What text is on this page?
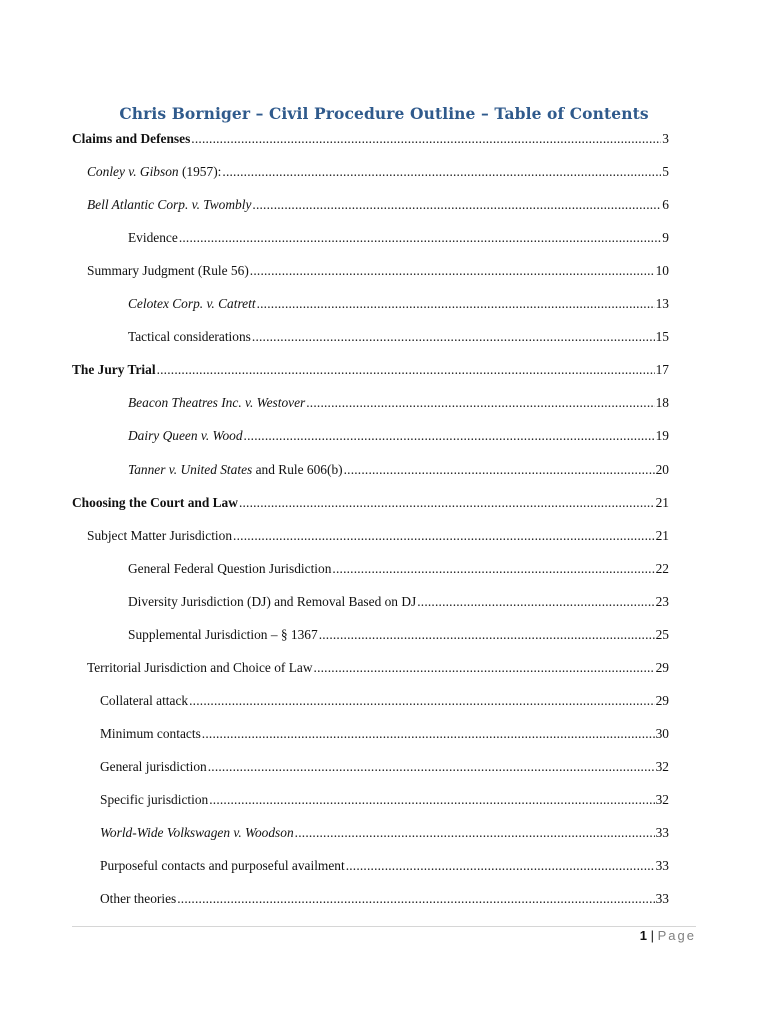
Chris Borniger – Civil Procedure Outline – Table of Contents
Claims and Defenses .....	3
Conley v. Gibson (1957): .....	5
Bell Atlantic Corp. v. Twombly .....	6
Evidence .....	9
Summary Judgment (Rule 56) .....	10
Celotex Corp. v. Catrett .....	13
Tactical considerations .....	15
The Jury Trial .....	17
Beacon Theatres Inc. v. Westover .....	18
Dairy Queen v. Wood .....	19
Tanner v. United States and Rule 606(b) .....	20
Choosing the Court and Law .....	21
Subject Matter Jurisdiction .....	21
General Federal Question Jurisdiction .....	22
Diversity Jurisdiction (DJ) and Removal Based on DJ .....	23
Supplemental Jurisdiction – § 1367 .....	25
Territorial Jurisdiction and Choice of Law .....	29
Collateral attack .....	29
Minimum contacts .....	30
General jurisdiction .....	32
Specific jurisdiction .....	32
World-Wide Volkswagen v. Woodson .....	33
Purposeful contacts and purposeful availment .....	33
Other theories .....	33
1 | Page
